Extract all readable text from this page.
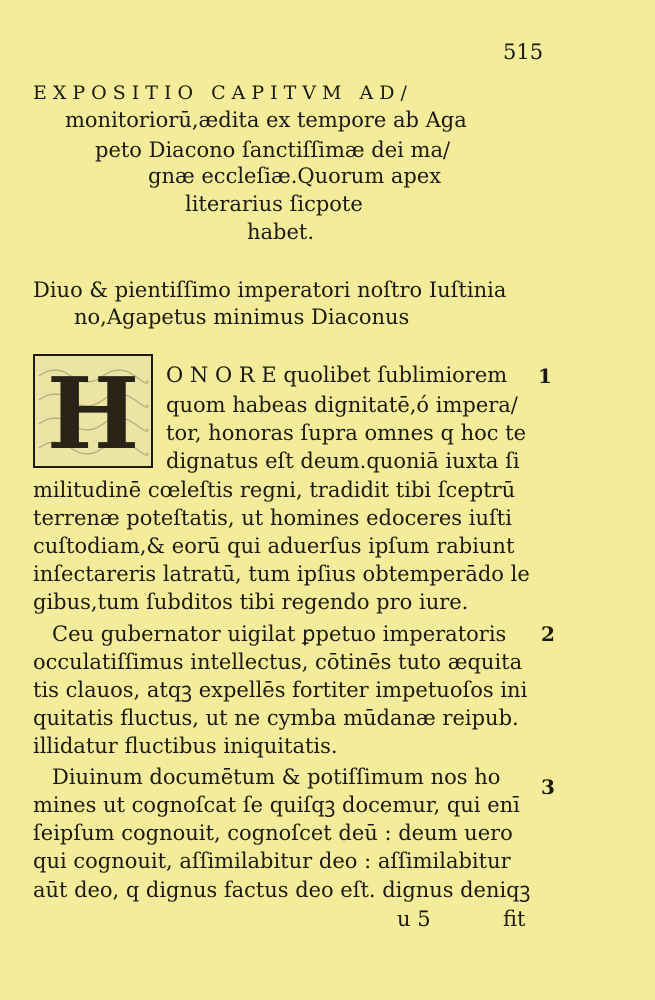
515
EXPOSITIO CAPITVM AD/
monitoriorū,ædita ex tempore ab Aga
peto Diacono ſanctiſſimæ dei ma/
gnæ eccleſiæ.Quorum apex
literarius ſicpote
habet.
Diuo & pientiſſimo imperatori noſtro Iuſtinia
no,Agapetus minimus Diaconus
H O N O R E quolibet ſublimiorem
quom habeas dignitatē,ó impera/
tor, honoras ſupra omnes q hoc te
dignatus eſt deum.quoniā iuxta ſi
militudinē cœleſtis regni, tradidit tibi ſceptrū
terrenæ poteſtatis, ut homines edoceres iuſti
cuſtodiam,& eorū qui aduerſus ipſum rabiunt
inſectareris latratū, tum ipſius obtemperādo le
gibus,tum ſubditos tibi regendo pro iure.
Ceu gubernator uigilat ꝑpetuo imperatoris
occulatiſſimus intellectus, cōtinēs tuto æquita
tis clauos, atqꝫ expellēs fortiter impetuoſos ini
quitatis fluctus, ut ne cymba mūdanæ reipub.
illidatur fluctibus iniquitatis.
Diuinum documētum & potiſſimum nos ho
mines ut cognoſcat ſe quiſqꝫ docemur, qui enī
ſeipſum cognouit, cognoſcet deū : deum uero
qui cognouit, aſſimilabitur deo : aſſimilabitur
aūt deo, q dignus factus deo eſt. dignus deniqꝫ
1
2
3
u 5	fit
